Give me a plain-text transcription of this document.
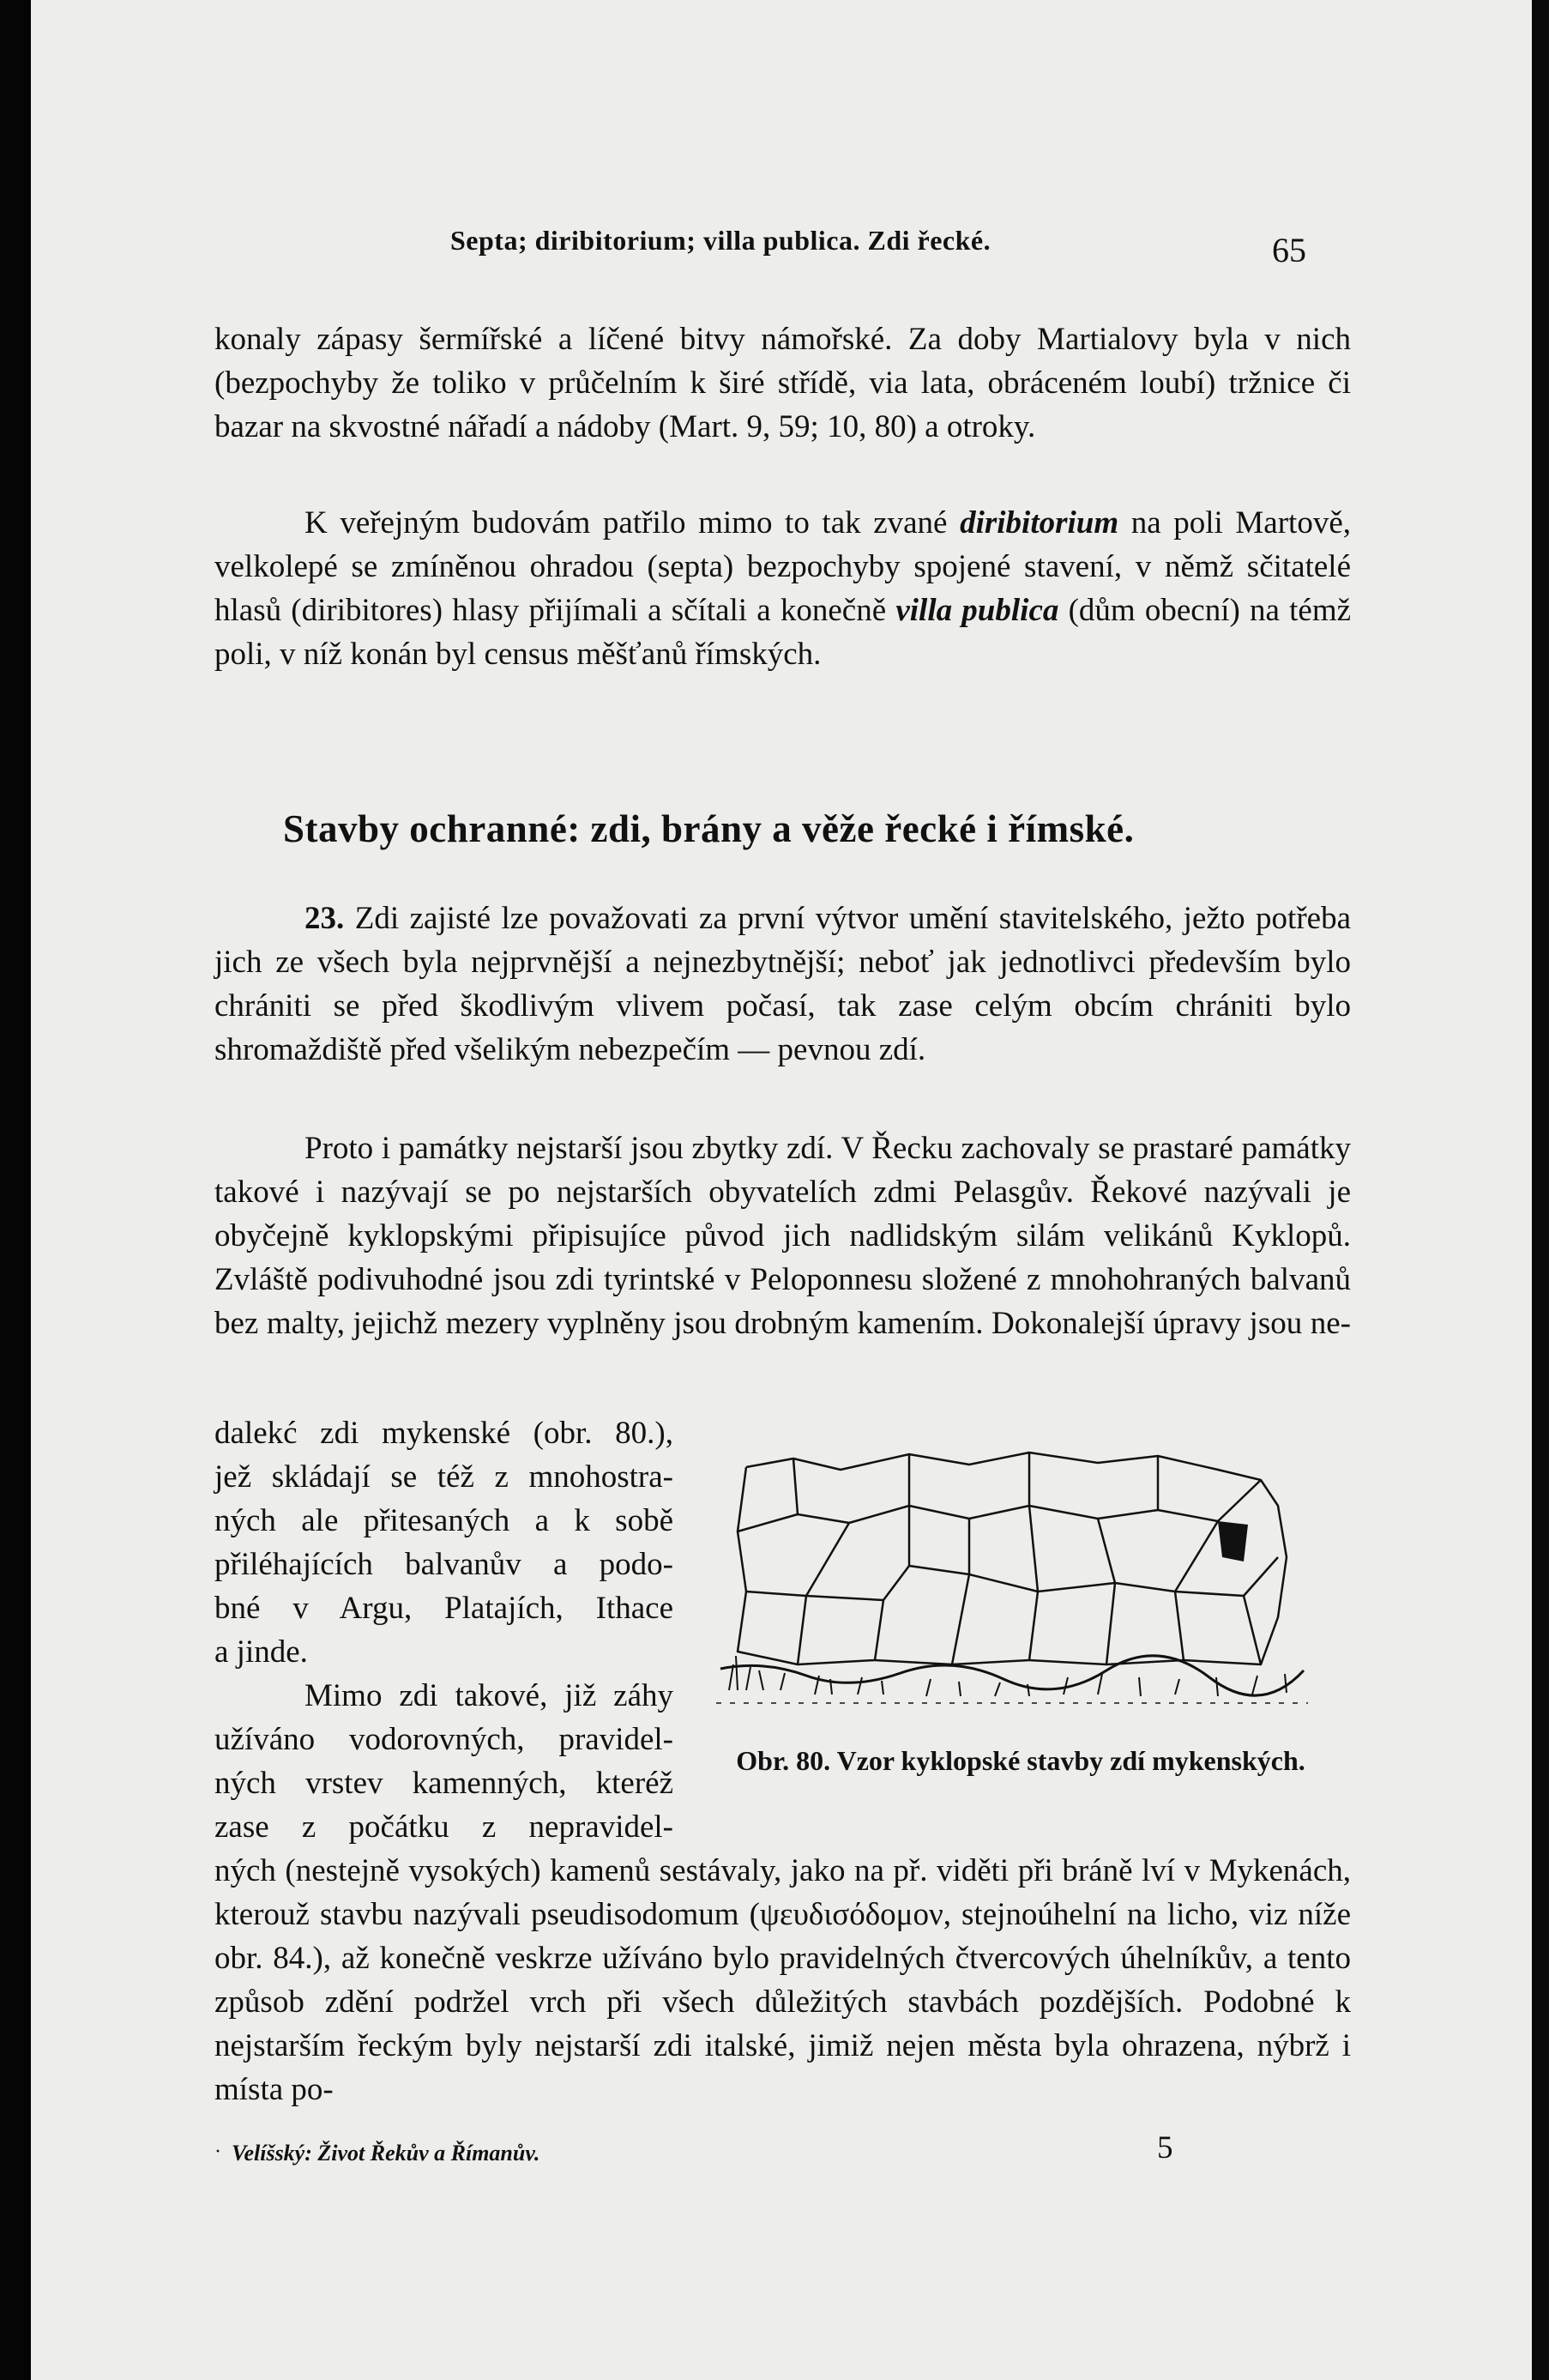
Septa; diribitorium; villa publica. Zdi řecké.	65
konaly zápasy šermířské a líčené bitvy námořské. Za doby Martialovy byla v nich (bezpochyby že toliko v průčelním k širé střídě, via lata, obráceném loubí) tržnice či bazar na skvostné nářadí a nádoby (Mart. 9, 59; 10, 80) a otroky.
K veřejným budovám patřilo mimo to tak zvané diribitorium na poli Martově, velkolepé se zmíněnou ohradou (septa) bezpochyby spojené stavení, v němž sčitatelé hlasů (diribitores) hlasy přijímali a sčítali a konečně villa publica (dům obecní) na témž poli, v níž konán byl census měšťanů římských.
Stavby ochranné: zdi, brány a věže řecké i římské.
23. Zdi zajisté lze považovati za první výtvor umění stavitelského, ježto potřeba jich ze všech byla nejprvnější a nejnezbytnější; neboť jak jednotlivci především bylo chrániti se před škodlivým vlivem počasí, tak zase celým obcím chrániti bylo shromaždiště před všelikým nebezpečím — pevnou zdí.
Proto i památky nejstarší jsou zbytky zdí. V Řecku zachovaly se prastaré památky takové i nazývají se po nejstarších obyvatelích zdmi Pelasgův. Řekové nazývali je obyčejně kyklopskými připisujíce původ jich nadlidským silám velikánů Kyklopů. Zvláště podivuhodné jsou zdi tyrintské v Peloponnesu složené z mnohohraných balvanů bez malty, jejichž mezery vyplněny jsou drobným kamením. Dokonalejší úpravy jsou ne-
dalekć zdi mykenské (obr. 80.),
jež skládají se též z mnohostra-
ných ale přitesaných a k sobě
přiléhajících balvanův a podo-
bné v Argu, Platajích, Ithace
a jinde.
Mimo zdi takové, již záhy
užíváno vodorovných, pravidel-
ných vrstev kamenných, kteréž
zase z počátku z nepravidel-
ných (nestejně vysokých) kamenů sestávaly, jako na př. viděti při bráně lví v Mykenách, kterouž stavbu nazývali pseudisodomum (ψευδισόδομον, stejnoúhelní na licho, viz níže obr. 84.), až konečně veskrze užíváno bylo pravidelných čtvercových úhelníkův, a tento způsob zdění podržel vrch při všech důležitých stavbách pozdějších. Podobné k nejstarším řeckým byly nejstarší zdi italské, jimiž nejen města byla ohrazena, nýbrž i místa po-
Obr. 80. Vzor kyklopské stavby zdí mykenských.
· Velíšský: Život Řekův a Římanův.	5
